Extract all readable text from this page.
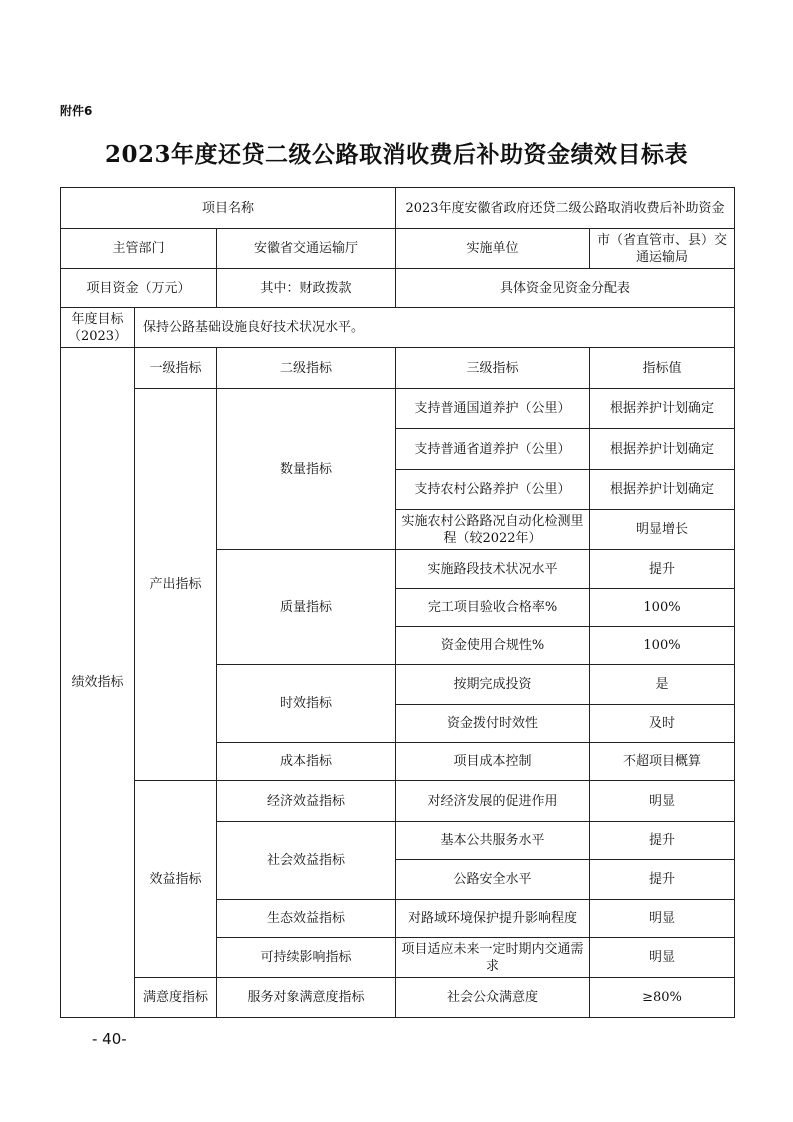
附件6
2023年度还贷二级公路取消收费后补助资金绩效目标表
项目名称			2023年度安徽省政府还贷二级公路取消收费后补助资金	
主管部门		安徽省交通运输厅	实施单位	市（省直管市、县）交通运输局
项目资金（万元）		其中：财政拨款	具体资金见资金分配表	
年度目标（2023）	保持公路基础设施良好技术状况水平。			
绩效指标	一级指标	二级指标	三级指标	指标值
	产出指标	数量指标	支持普通国道养护（公里）	根据养护计划确定
			支持普通省道养护（公里）	根据养护计划确定
			支持农村公路养护（公里）	根据养护计划确定
			实施农村公路路况自动化检测里程（较2022年）	明显增长
		质量指标	实施路段技术状况水平	提升
			完工项目验收合格率%	100%
			资金使用合规性%	100%
		时效指标	按期完成投资	是
			资金拨付时效性	及时
		成本指标	项目成本控制	不超项目概算
	效益指标	经济效益指标	对经济发展的促进作用	明显
		社会效益指标	基本公共服务水平	提升
			公路安全水平	提升
		生态效益指标	对路域环境保护提升影响程度	明显
		可持续影响指标	项目适应未来一定时期内交通需求	明显
	满意度指标	服务对象满意度指标	社会公众满意度	≥80%
- 40-
